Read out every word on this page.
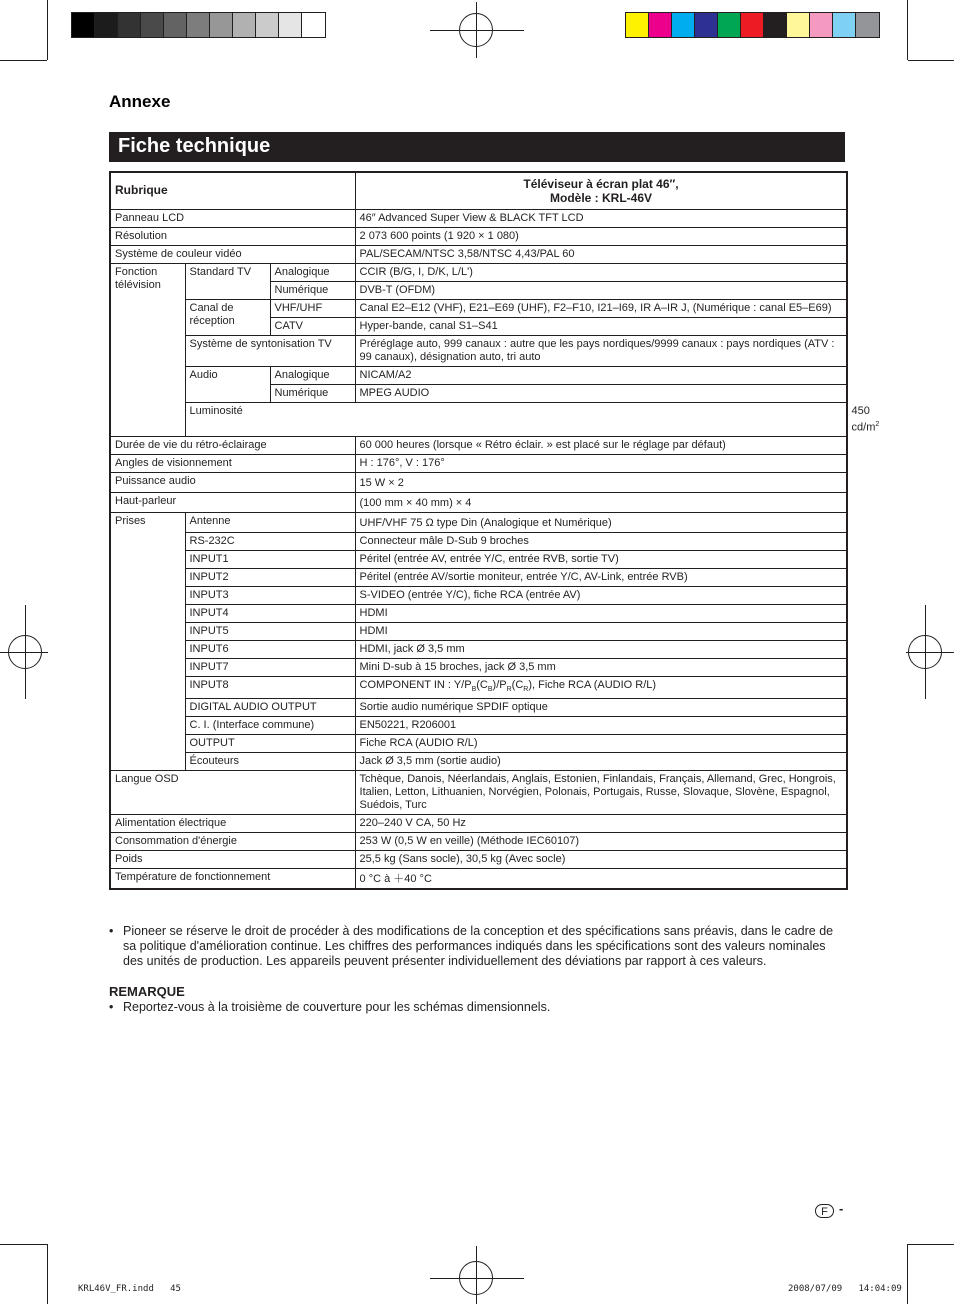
Annexe
Fiche technique
Rubrique			Téléviseur à écran plat 46″,
Modèle : KRL-46V	
Panneau LCD			46″ Advanced Super View & BLACK TFT LCD	
Résolution			2 073 600 points (1 920 × 1 080)	
Système de couleur vidéo			PAL/SECAM/NTSC 3,58/NTSC 4,43/PAL 60	
Fonction télévision	Standard TV	Analogique	CCIR (B/G, I, D/K, L/L')	
		Numérique	DVB-T (OFDM)	
	Canal de réception	VHF/UHF	Canal E2–E12 (VHF), E21–E69 (UHF), F2–F10, I21–I69, IR A–IR J, (Numérique : canal E5–E69)	
		CATV	Hyper-bande, canal S1–S41	
	Système de syntonisation TV		Préréglage auto, 999 canaux : autre que les pays nordiques/9999 canaux : pays nordiques (ATV : 99 canaux), désignation auto, tri auto	
	Audio	Analogique	NICAM/A2	
		Numérique	MPEG AUDIO	
	Luminosité			450 $cd/m^2$
Durée de vie du rétro-éclairage			60 000 heures (lorsque « Rétro éclair. » est placé sur le réglage par défaut)	
Angles de visionnement			H : 176°, V : 176°	
Puissance audio			15 W × 2	
Haut-parleur			(100 mm × 40 mm) × 4	
Prises	Antenne		UHF/VHF 75 Ω type Din (Analogique et Numérique)	
	RS-232C		Connecteur mâle D-Sub 9 broches	
	INPUT1		Péritel (entrée AV, entrée Y/C, entrée RVB, sortie TV)	
	INPUT2		Péritel (entrée AV/sortie moniteur, entrée Y/C, AV-Link, entrée RVB)	
	INPUT3		S-VIDEO (entrée Y/C), fiche RCA (entrée AV)	
	INPUT4		HDMI	
	INPUT5		HDMI	
	INPUT6		HDMI, jack Ø 3,5 mm	
	INPUT7		Mini D-sub à 15 broches, jack Ø 3,5 mm	
	INPUT8		COMPONENT IN : $Y/P_B(C_B)/P_R(C_R)$, Fiche RCA (AUDIO R/L)	
	DIGITAL AUDIO OUTPUT		Sortie audio numérique SPDIF optique	
	C. I. (Interface commune)		EN50221, R206001	
	OUTPUT		Fiche RCA (AUDIO R/L)	
	Écouteurs		Jack Ø 3,5 mm (sortie audio)	
Langue OSD			Tchèque, Danois, Néerlandais, Anglais, Estonien, Finlandais, Français, Allemand, Grec, Hongrois, Italien, Letton, Lithuanien, Norvégien, Polonais, Portugais, Russe, Slovaque, Slovène, Espagnol, Suédois, Turc	
Alimentation électrique			220–240 V CA, 50 Hz	
Consommation d'énergie			253 W (0,5 W en veille) (Méthode IEC60107)	
Poids			25,5 kg (Sans socle), 30,5 kg (Avec socle)	
Température de fonctionnement			0 °C à ＋40 °C	
• Pioneer se réserve le droit de procéder à des modifications de la conception et des spécifications sans préavis, dans le cadre de sa politique d'amélioration continue. Les chiffres des performances indiqués dans les spécifications sont des valeurs nominales des unités de production. Les appareils peuvent présenter individuellement des déviations par rapport à ces valeurs.
REMARQUE
• Reportez-vous à la troisième de couverture pour les schémas dimensionnels.
F -
KRL46V_FR.indd   45	2008/07/09   14:04:09
